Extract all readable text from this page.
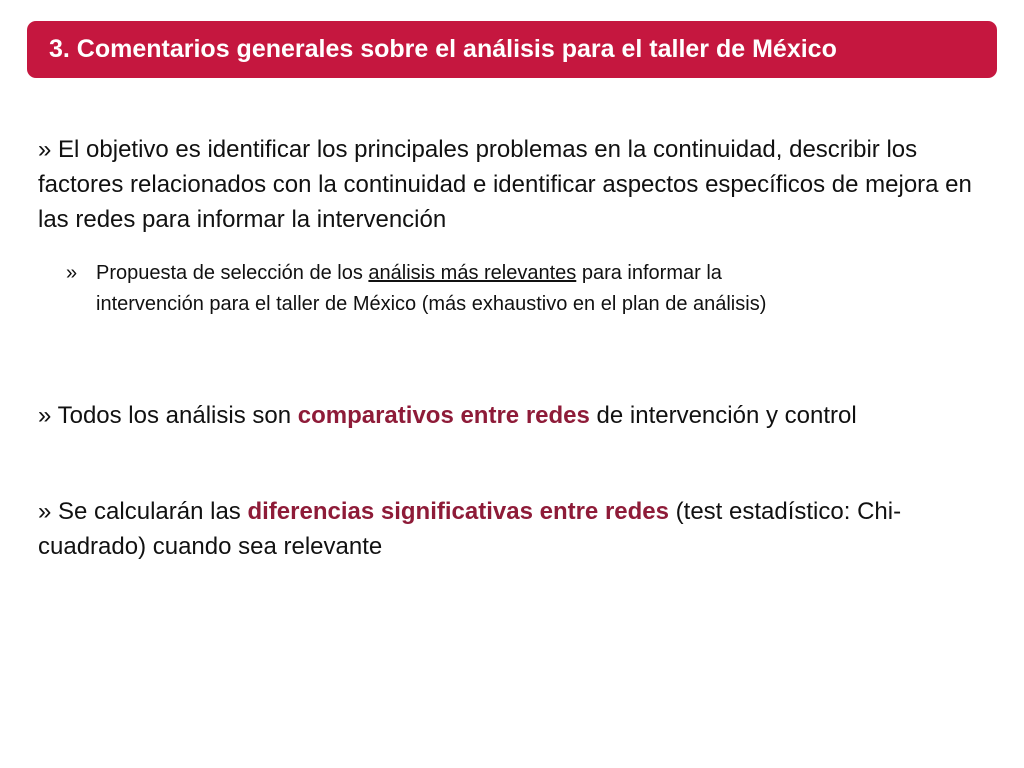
3. Comentarios generales sobre el análisis para el taller de México

» El objetivo es identificar los principales problemas en la continuidad, describir los factores relacionados con la continuidad e identificar aspectos específicos de mejora en las redes para informar la intervención

» Propuesta de selección de los análisis más relevantes para informar la
intervención para el taller de México (más exhaustivo en el plan de análisis)

» Todos los análisis son comparativos entre redes de intervención y control

» Se calcularán las diferencias significativas entre redes (test estadístico: Chi-cuadrado) cuando sea relevante
